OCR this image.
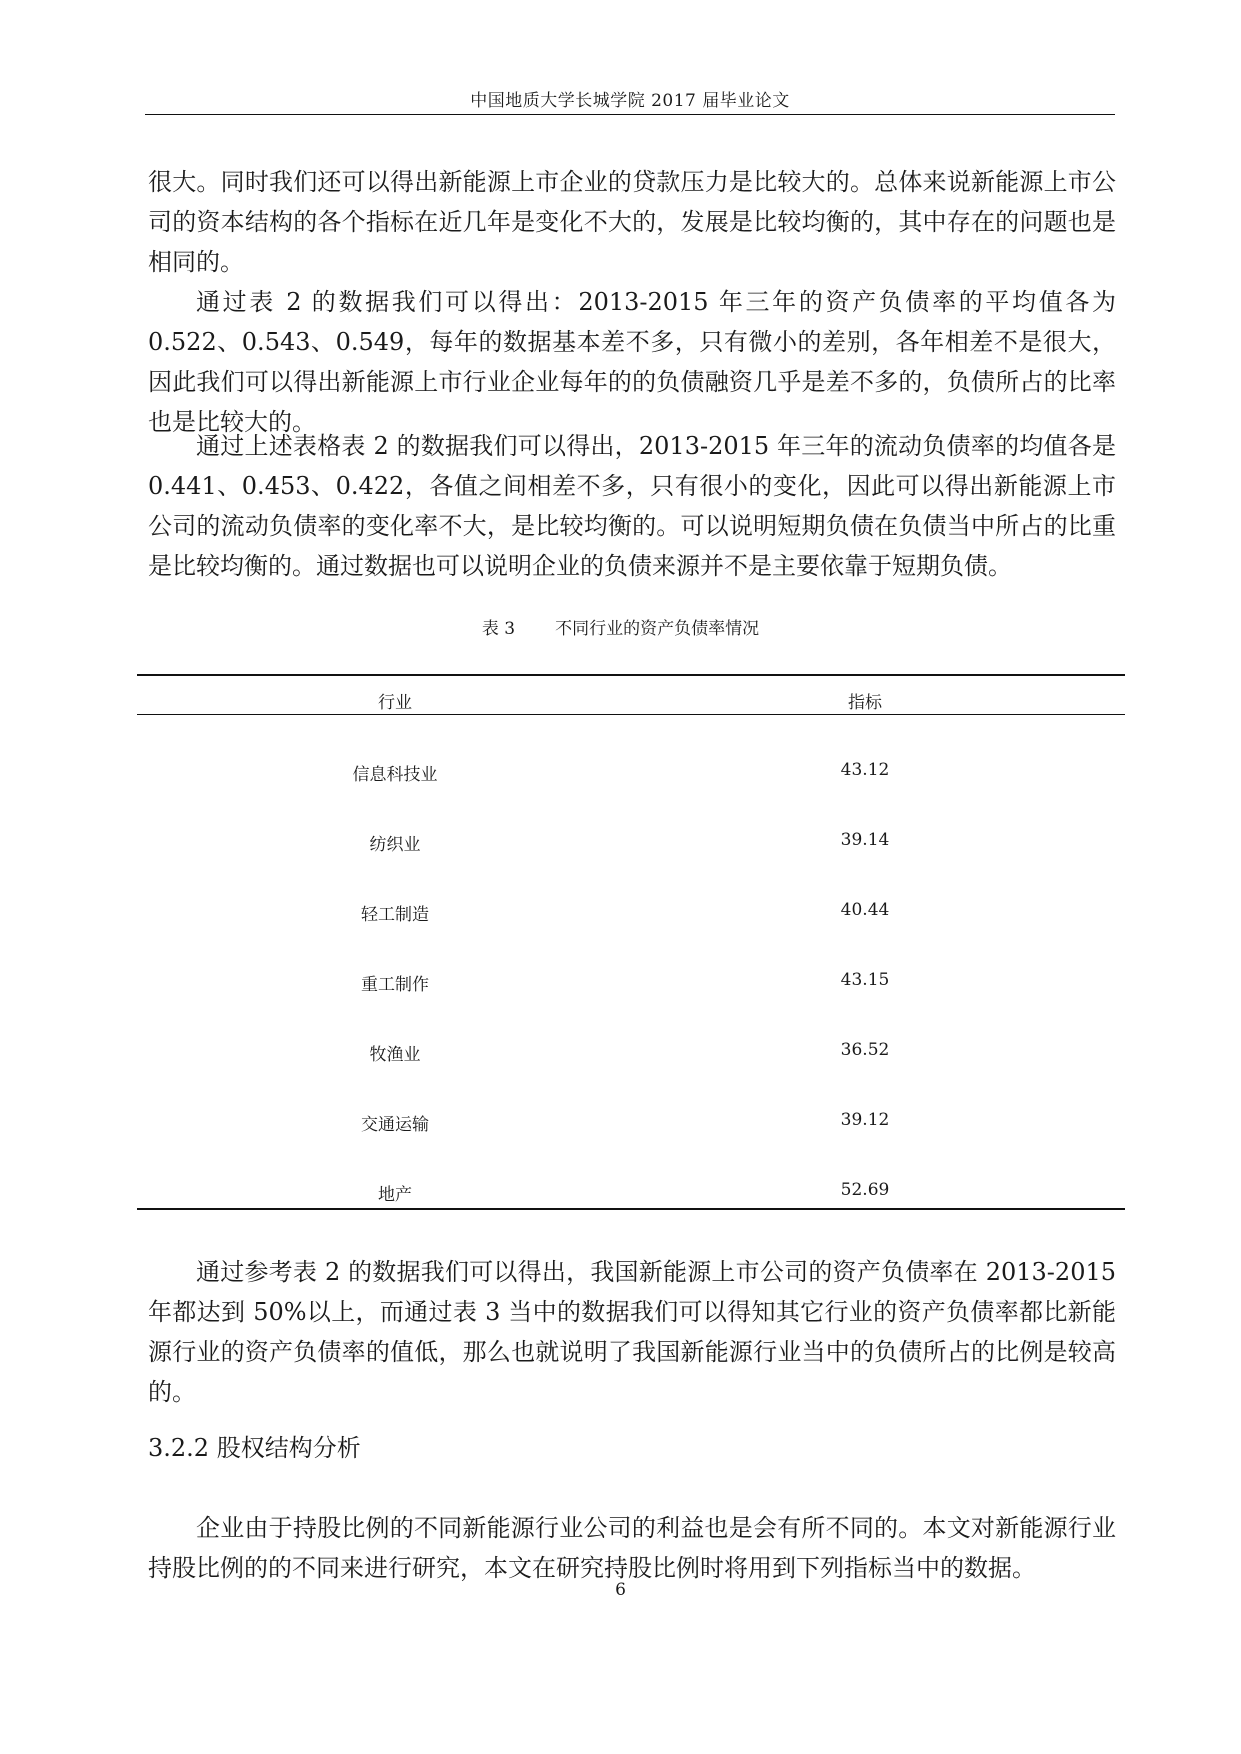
中国地质大学长城学院 2017 届毕业论文

很大。同时我们还可以得出新能源上市企业的贷款压力是比较大的。总体来说新能源上市公司的资本结构的各个指标在近几年是变化不大的，发展是比较均衡的，其中存在的问题也是相同的。

通过表 2 的数据我们可以得出：2013-2015 年三年的资产负债率的平均值各为 0.522、0.543、0.549，每年的数据基本差不多，只有微小的差别，各年相差不是很大，因此我们可以得出新能源上市行业企业每年的的负债融资几乎是差不多的，负债所占的比率也是比较大的。

通过上述表格表 2 的数据我们可以得出，2013-2015 年三年的流动负债率的均值各是 0.441、0.453、0.422，各值之间相差不多，只有很小的变化，因此可以得出新能源上市公司的流动负债率的变化率不大，是比较均衡的。可以说明短期负债在负债当中所占的比重是比较均衡的。通过数据也可以说明企业的负债来源并不是主要依靠于短期负债。

表 3 不同行业的资产负债率情况
行业	指标
信息科技业	43.12
纺织业	39.14
轻工制造	40.44
重工制作	43.15
牧渔业	36.52
交通运输	39.12
地产	52.69

通过参考表 2 的数据我们可以得出，我国新能源上市公司的资产负债率在 2013-2015 年都达到 50%以上，而通过表 3 当中的数据我们可以得知其它行业的资产负债率都比新能源行业的资产负债率的值低，那么也就说明了我国新能源行业当中的负债所占的比例是较高的。

3.2.2 股权结构分析

企业由于持股比例的不同新能源行业公司的利益也是会有所不同的。本文对新能源行业持股比例的的不同来进行研究，本文在研究持股比例时将用到下列指标当中的数据。

6
